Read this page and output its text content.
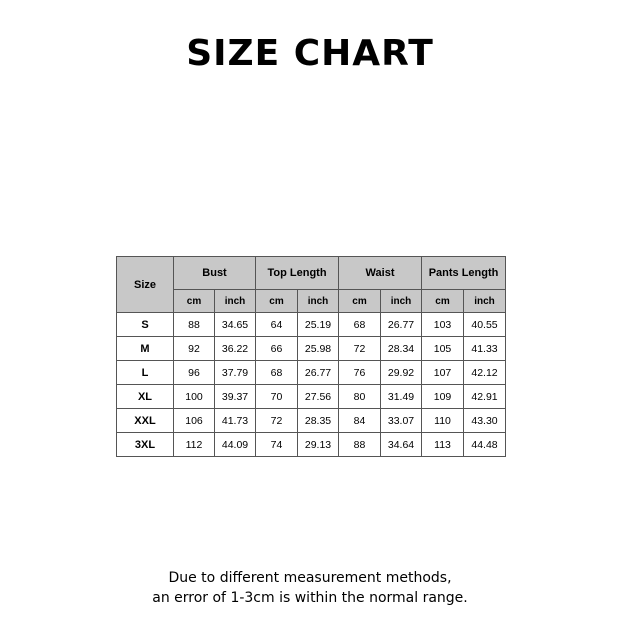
SIZE CHART
Size	Bust		Top Length		Waist		Pants Length	
	cm	inch	cm	inch	cm	inch	cm	inch
S	88	34.65	64	25.19	68	26.77	103	40.55
M	92	36.22	66	25.98	72	28.34	105	41.33
L	96	37.79	68	26.77	76	29.92	107	42.12
XL	100	39.37	70	27.56	80	31.49	109	42.91
XXL	106	41.73	72	28.35	84	33.07	110	43.30
3XL	112	44.09	74	29.13	88	34.64	113	44.48
Due to different measurement methods,
an error of 1-3cm is within the normal range.
